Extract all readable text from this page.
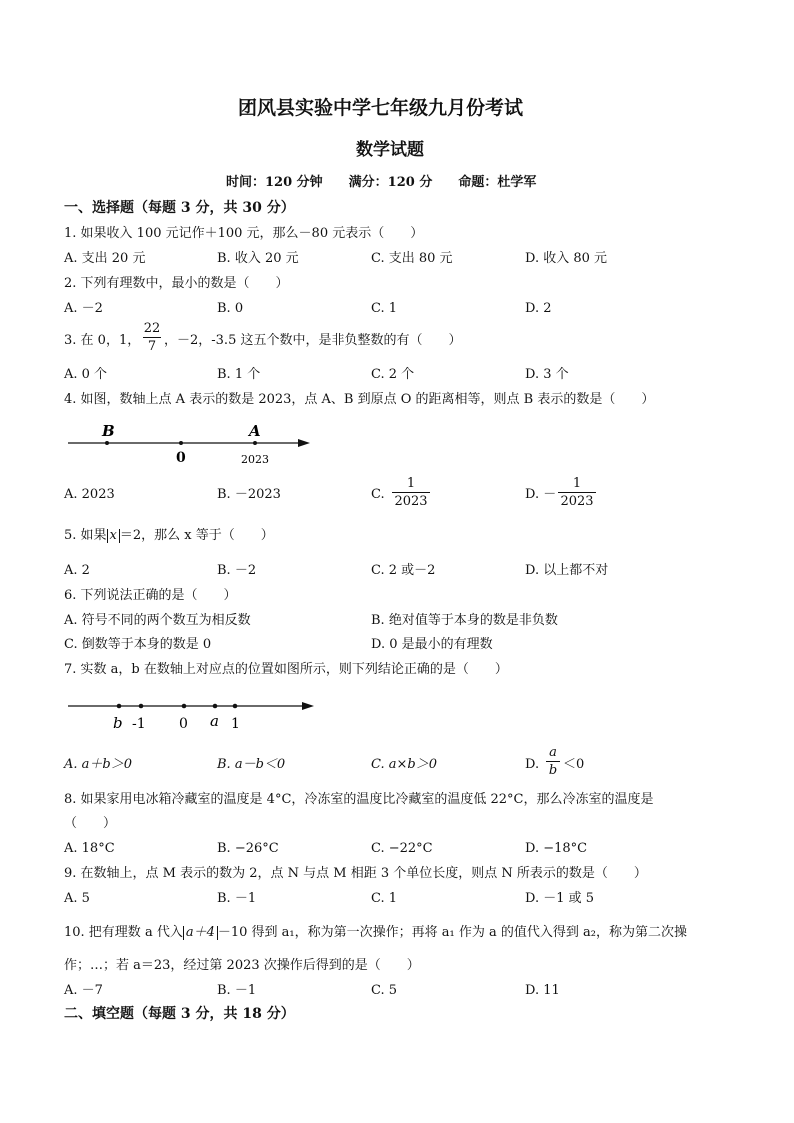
团风县实验中学七年级九月份考试
数学试题
时间：120 分钟　　满分：120 分　　命题：杜学军
一、选择题（每题 3 分，共 30 分）
1. 如果收入 100 元记作＋100 元，那么－80 元表示（　　）
A. 支出 20 元	B. 收入 20 元	C. 支出 80 元	D. 收入 80 元
2. 下列有理数中，最小的数是（　　）
A. －2	B. 0	C. 1	D. 2
3. 在 0，1，
22
7 ，－2，-3.5 这五个数中，是非负整数的有（　　）
A. 0 个	B. 1 个	C. 2 个	D. 3 个
4. 如图，数轴上点 A 表示的数是 2023，点 A、B 到原点 O 的距离相等，则点 B 表示的数是（　　）
B	A
0	2023
A. 2023	B. －2023	C.
1
2023	D. －
1
2023
5. 如果 x ＝2，那么 x 等于（　　）
A. 2	B. －2	C. 2 或－2	D. 以上都不对
6. 下列说法正确的是（　　）
A. 符号不同的两个数互为相反数	B. 绝对值等于本身的数是非负数
C. 倒数等于本身的数是 0	D. 0 是最小的有理数
7. 实数 a，b 在数轴上对应点的位置如图所示，则下列结论正确的是（　　）
b -1 0 a 1
A. a＋b＞0	B. a－b＜0	C. a×b＞0	D.
a
b ＜0
8. 如果家用电冰箱冷藏室的温度是 4°C，冷冻室的温度比冷藏室的温度低 22°C，那么冷冻室的温度是
（　　）
A. 18°C	B. −26°C	C. −22°C	D. −18°C
9. 在数轴上，点 M 表示的数为 2，点 N 与点 M 相距 3 个单位长度，则点 N 所表示的数是（　　）
A. 5	B. －1	C. 1	D. －1 或 5
10. 把有理数 a 代入 a＋4 －10 得到 a₁，称为第一次操作；再将 a₁ 作为 a 的值代入得到 a₂，称为第二次操
作；…；若 a＝23，经过第 2023 次操作后得到的是（　　）
A. －7	B. －1	C. 5	D. 11
二、填空题（每题 3 分，共 18 分）
